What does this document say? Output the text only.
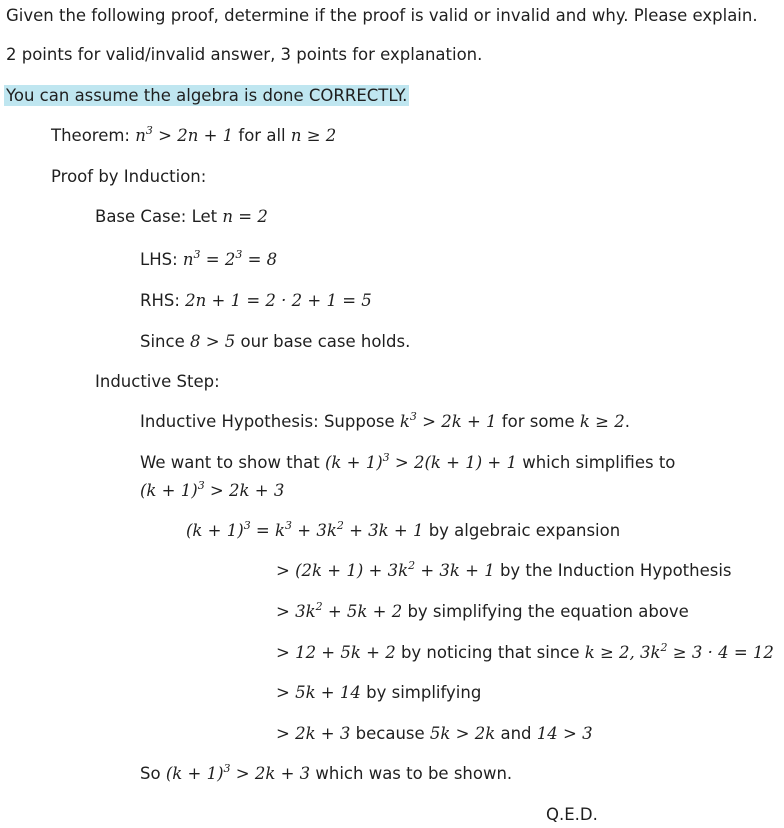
Given the following proof, determine if the proof is valid or invalid and why. Please explain.
2 points for valid/invalid answer, 3 points for explanation.
You can assume the algebra is done CORRECTLY.
Theorem: $n^3 > 2n + 1$ for all n ≥ 2
Proof by Induction:
Base Case: Let n = 2
LHS: $n^3 = 2^3 = 8$
RHS: 2n + 1 = 2 · 2 + 1 = 5
Since 8 > 5 our base case holds.
Inductive Step:
Inductive Hypothesis: Suppose $k^3 > 2k + 1$ for some k ≥ 2.
We want to show that $(k + 1)^3 > 2(k + 1) + 1$ which simplifies to
$(k + 1)^3 > 2k + 3$
$(k + 1)^3 = k^3 + 3k^2 + 3k + 1$ by algebraic expansion
> $(2k + 1) + 3k^2 + 3k + 1$ by the Induction Hypothesis
> $3k^2 + 5k + 2$ by simplifying the equation above
> 12 + 5k + 2 by noticing that since k ≥ 2, $3k^2 \ge 3 \cdot 4 = 12$
> 5k + 14 by simplifying
> 2k + 3 because 5k > 2k and 14 > 3
So $(k + 1)^3 > 2k + 3$ which was to be shown.
Q.E.D.
